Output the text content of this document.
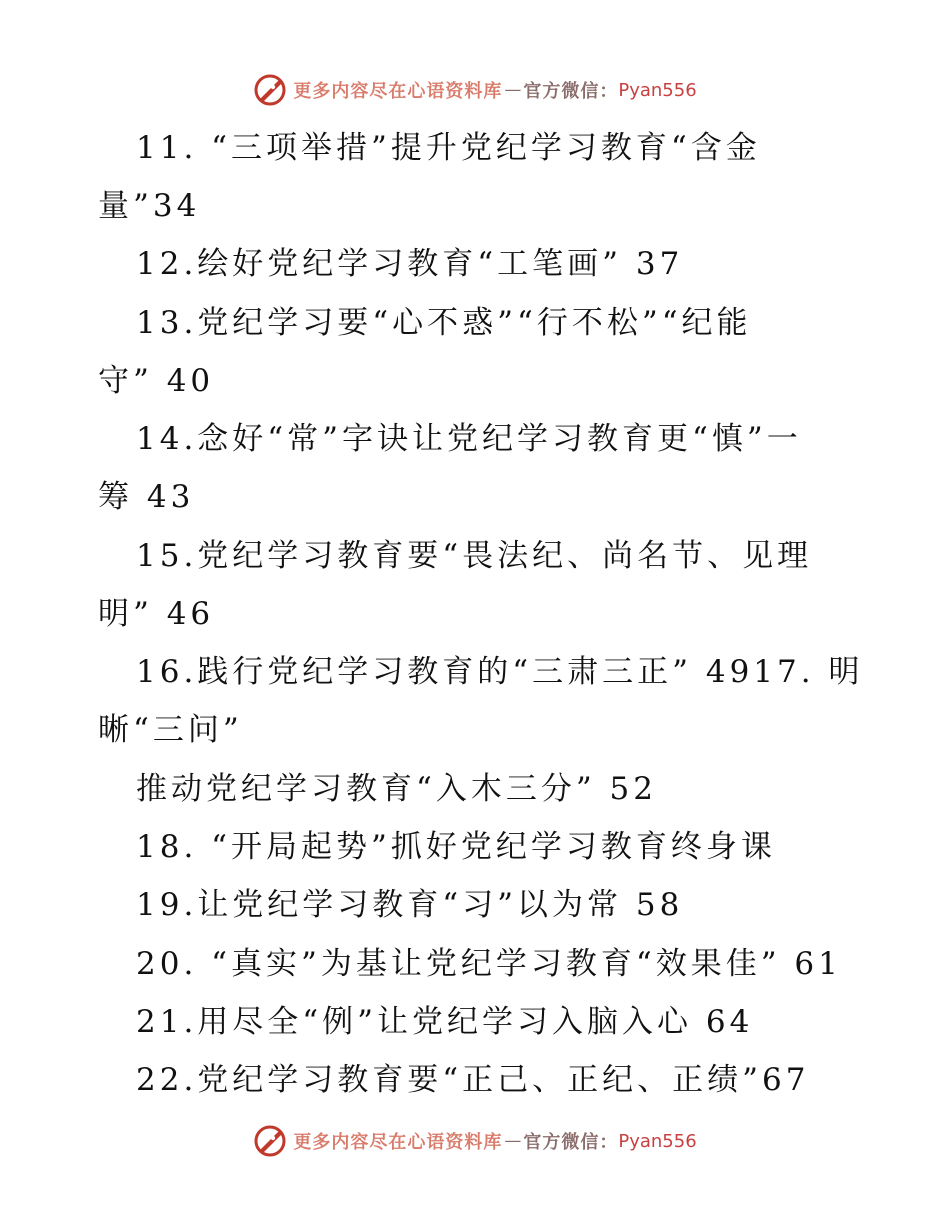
更多内容尽在心语资料库 — 官方微信 ： Pyan556
11. “三项举措”提升党纪学习教育“含金
量”34
12.绘好党纪学习教育“工笔画” 37
13.党纪学习要“心不惑”“行不松”“纪能
守” 40
14.念好“常”字诀让党纪学习教育更“慎”一
筹 43
15.党纪学习教育要“畏法纪、尚名节、见理
明” 46
16.践行党纪学习教育的“三肃三正” 4917. 明
晰“三问”
推动党纪学习教育“入木三分” 52
18. “开局起势”抓好党纪学习教育终身课
19.让党纪学习教育“习”以为常 58
20. “真实”为基让党纪学习教育“效果佳” 61
21.用尽全“例”让党纪学习入脑入心 64
22.党纪学习教育要“正己、正纪、正绩”67
更多内容尽在心语资料库 — 官方微信 ： Pyan556
